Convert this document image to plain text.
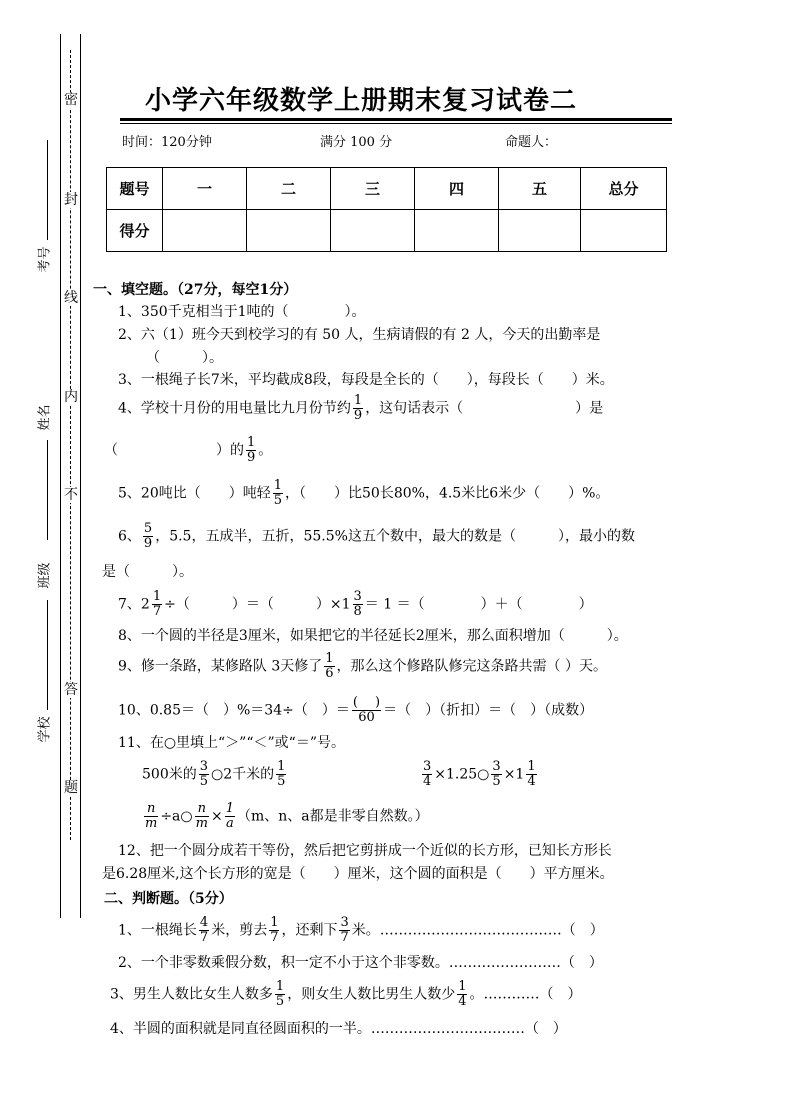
密
封
线
内
不
答
题
考号
姓名
班级
学校
小学六年级数学上册期末复习试卷二
时间：120分钟	满分 100 分	命题人：
题号	一	二	三	四	五	总分
得分						
一、填空题。（27分，每空1分）
1、350千克相当于1吨的（　　　　）。
2、六（1）班今天到校学习的有 50 人，生病请假的有 2 人，今天的出勤率是
（　　　）。
3、一根绳子长7米，平均截成8段，每段是全长的（　　），每段长（　　）米。
4、学校十月份的用电量比九月份节约 $\frac{1}{9}$ ，这句话表示（　　　　　　　　）是
（　　　　　　　）的 $\frac{1}{9}$ 。
5、20吨比（　　）吨轻 $\frac{1}{5}$ ，（　　）比50长80%，4.5米比6米少（　　）%。
6、 $\frac{5}{9}$ ，5.5，五成半，五折，55.5%这五个数中，最大的数是（　　　），最小的数
是（　　　）。
7、$2 \frac{1}{7}$ ÷（　　　）＝（　　　）$\times 1 \frac{3}{8} = 1$ ＝（　　　　）＋（　　　　）
8、一个圆的半径是3厘米，如果把它的半径延长2厘米，那么面积增加（　　　）。
9、修一条路，某修路队 3天修了 $\frac{1}{6}$ ，那么这个修路队修完这条路共需（ ）天。
10、0.85＝（　）%＝34÷（　）＝ $\frac{( )}{60}$ ＝（　）（折扣）＝（　）（成数）
11、在○里填上“＞”“＜”或“＝”号。
500米的 $\frac{3}{5}$ ○2千米的 $\frac{1}{5}$	$\frac{3}{4}$ ×1.25○ $\frac{3}{5} \times 1 \frac{1}{4}$
$\frac{n}{m}$ ÷a○ $\frac{n}{m} \times \frac{1}{a} (m$、n、a都是非零自然数。）
12、把一个圆分成若干等份，然后把它剪拼成一个近似的长方形，已知长方形长
是6.28厘米,这个长方形的宽是（　　）厘米，这个圆的面积是（　　）平方厘米。
二、判断题。（5分）
1、一根绳长 $\frac{4}{7}$ 米，剪去 $\frac{1}{7}$ ，还剩下 $\frac{3}{7}$ 米。…………………………………（　）
2、一个非零数乘假分数，积一定不小于这个非零数。……………………（　）
3、男生人数比女生人数多 $\frac{1}{5}$ ，则女生人数比男生人数少 $\frac{1}{4}$ 。…………（　）
4、半圆的面积就是同直径圆面积的一半。……………………………（　）
